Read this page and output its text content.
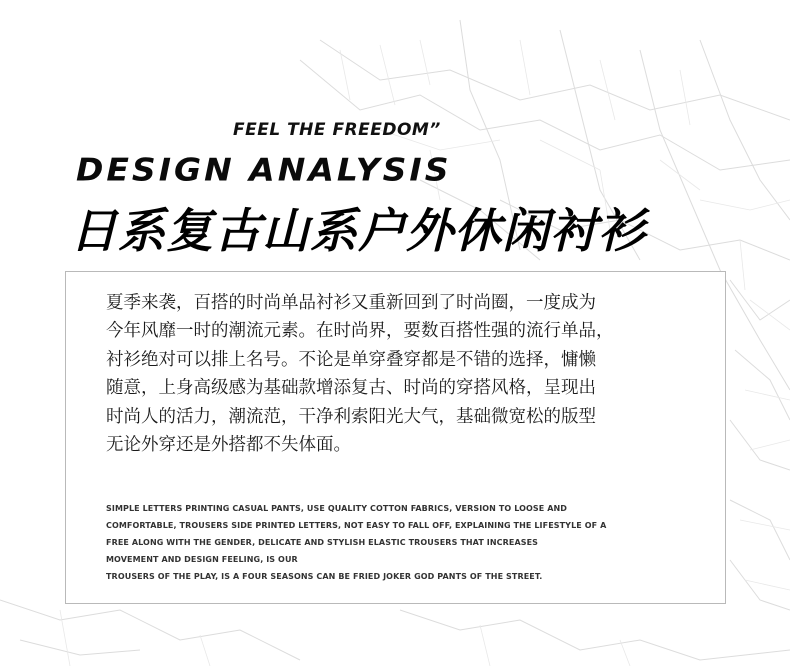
FEEL THE FREEDOM”
DESIGN ANALYSIS
日系复古山系户外休闲衬衫
夏季来袭，百搭的时尚单品衬衫又重新回到了时尚圈，一度成为
今年风靡一时的潮流元素。在时尚界，要数百搭性强的流行单品，
衬衫绝对可以排上名号。不论是单穿叠穿都是不错的选择，慵懒
随意，上身高级感为基础款增添复古、时尚的穿搭风格，呈现出
时尚人的活力，潮流范，干净利索阳光大气，基础微宽松的版型
无论外穿还是外搭都不失体面。
SIMPLE LETTERS PRINTING CASUAL PANTS, USE QUALITY COTTON FABRICS, VERSION TO LOOSE AND
COMFORTABLE, TROUSERS SIDE PRINTED LETTERS, NOT EASY TO FALL OFF, EXPLAINING THE LIFESTYLE OF A
FREE ALONG WITH THE GENDER, DELICATE AND STYLISH ELASTIC TROUSERS THAT INCREASES
MOVEMENT AND DESIGN FEELING, IS OUR
TROUSERS OF THE PLAY, IS A FOUR SEASONS CAN BE FRIED JOKER GOD PANTS OF THE STREET.
